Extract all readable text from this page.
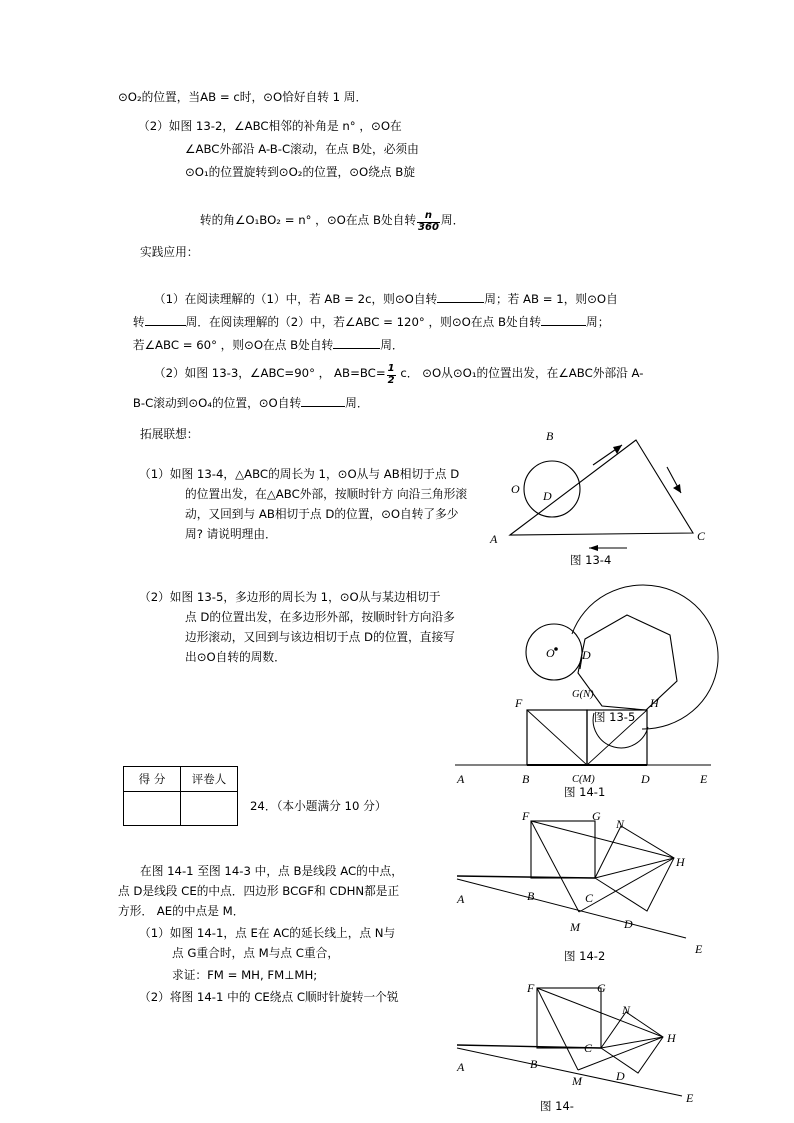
⊙O₂的位置，当AB = c时，⊙O恰好自转 1 周．
（2）如图 13-2，∠ABC相邻的补角是 n° ，⊙O在
∠ABC外部沿 A-B-C滚动，在点 B处，必须由
⊙O₁的位置旋转到⊙O₂的位置，⊙O绕点 B旋

转的角∠O₁BO₂ = n° ，⊙O在点 B处自转 $\frac{n}{360}$ 周．

实践应用：

（1）在阅读理解的（1）中，若 AB = 2c，则⊙O自转	周；若 AB = 1，则⊙O自

转	周．在阅读理解的（2）中，若∠ABC = 120° ，则⊙O在点 B处自转	周；

若∠ABC = 60° ，则⊙O在点 B处自转	周．

（2）如图 13-3，∠ABC=90° ， $AB=BC= \frac{1}{2}$ c． ⊙O从⊙O₁的位置出发，在∠ABC外部沿 A-

B-C滚动到⊙O₄的位置，⊙O自转	周．

拓展联想：
（1）如图 13-4，△ABC的周长为 1，⊙O从与 AB相切于点 D
的位置出发，在△ABC外部，按顺时针方 向沿三角形滚
动，又回到与 AB相切于点 D的位置，⊙O自转了多少
周? 请说明理由．
（2）如图 13-5，多边形的周长为 1，⊙O从与某边相切于
点 D的位置出发，在多边形外部，按顺时针方向沿多
边形滚动，又回到与该边相切于点 D的位置，直接写
出⊙O自转的周数．
B
C
A
D
O
图 13-4
O D
图 13-5
A	B	C(M)	D	E
F
G(N)
H
图 14-1
A	B	C
D
E
F	G
H
M
N
图 14-2
A	B
C
D
E
F	G
H
M
N
图 14-
得 分	评卷人

24．（本小题满分 10 分）
在图 14-1 至图 14-3 中，点 B是线段 AC的中点，
点 D是线段 CE的中点．四边形 BCGF和 CDHN都是正
方形． AE的中点是 M．
（1）如图 14-1，点 E在 AC的延长线上，点 N与
点 G重合时，点 M与点 C重合，
求证：FM = MH, FM⊥MH;
（2）将图 14-1 中的 CE绕点 C顺时针旋转一个锐
